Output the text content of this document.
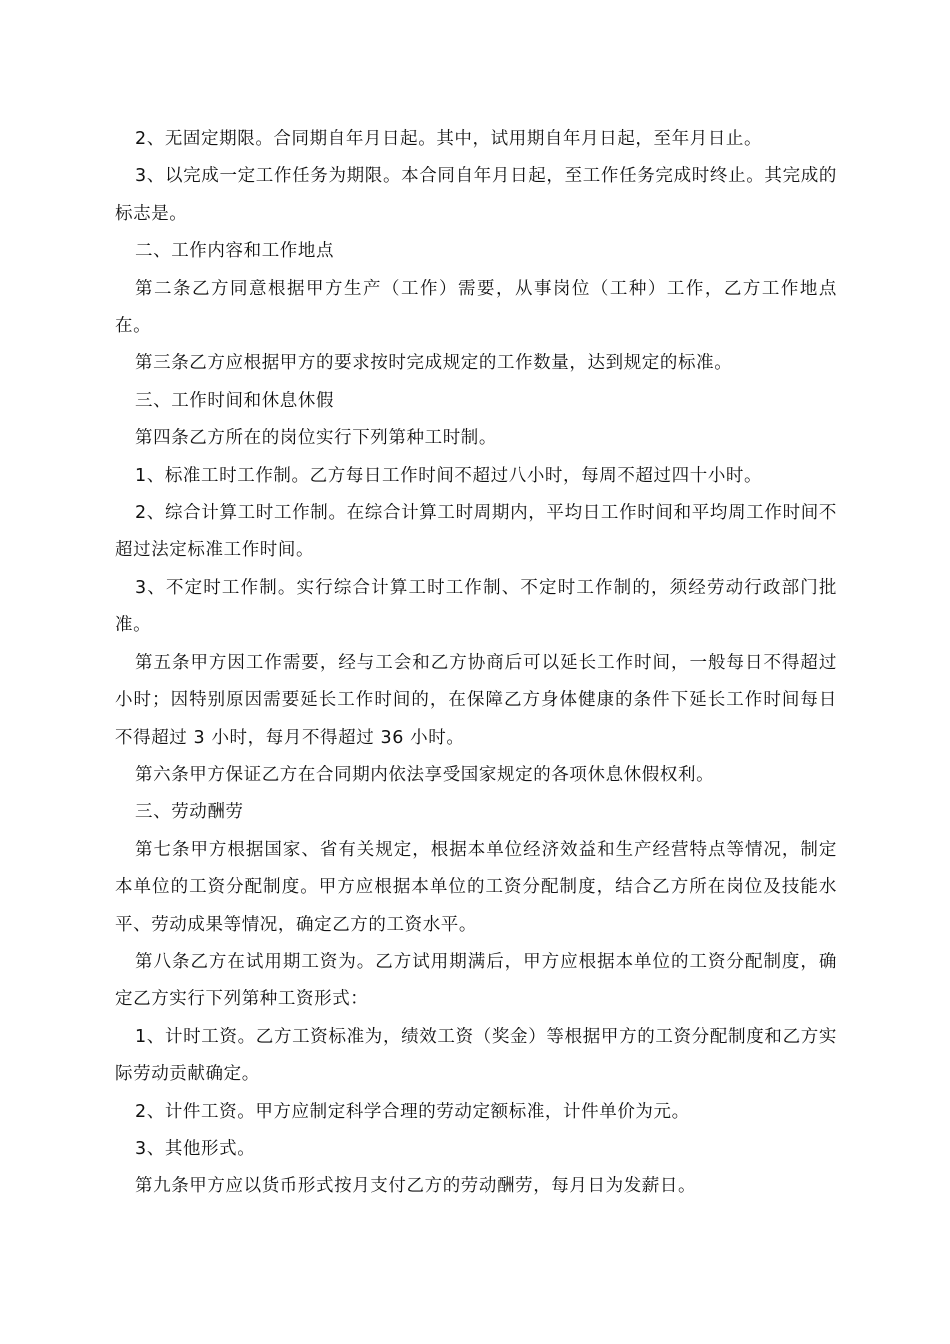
2、无固定期限。合同期自年月日起。其中，试用期自年月日起，至年月日止。

3、以完成一定工作任务为期限。本合同自年月日起，至工作任务完成时终止。其完成的标志是。

二、工作内容和工作地点

第二条乙方同意根据甲方生产（工作）需要，从事岗位（工种）工作，乙方工作地点在。

第三条乙方应根据甲方的要求按时完成规定的工作数量，达到规定的标准。

三、工作时间和休息休假

第四条乙方所在的岗位实行下列第种工时制。

1、标准工时工作制。乙方每日工作时间不超过八小时，每周不超过四十小时。

2、综合计算工时工作制。在综合计算工时周期内，平均日工作时间和平均周工作时间不超过法定标准工作时间。

3、不定时工作制。实行综合计算工时工作制、不定时工作制的，须经劳动行政部门批准。

第五条甲方因工作需要，经与工会和乙方协商后可以延长工作时间，一般每日不得超过小时；因特别原因需要延长工作时间的，在保障乙方身体健康的条件下延长工作时间每日不得超过 3 小时，每月不得超过 36 小时。

第六条甲方保证乙方在合同期内依法享受国家规定的各项休息休假权利。

三、劳动酬劳

第七条甲方根据国家、省有关规定，根据本单位经济效益和生产经营特点等情况，制定本单位的工资分配制度。甲方应根据本单位的工资分配制度，结合乙方所在岗位及技能水平、劳动成果等情况，确定乙方的工资水平。

第八条乙方在试用期工资为。乙方试用期满后，甲方应根据本单位的工资分配制度，确定乙方实行下列第种工资形式：

1、计时工资。乙方工资标准为，绩效工资（奖金）等根据甲方的工资分配制度和乙方实际劳动贡献确定。

2、计件工资。甲方应制定科学合理的劳动定额标准，计件单价为元。

3、其他形式。

第九条甲方应以货币形式按月支付乙方的劳动酬劳，每月日为发薪日。
